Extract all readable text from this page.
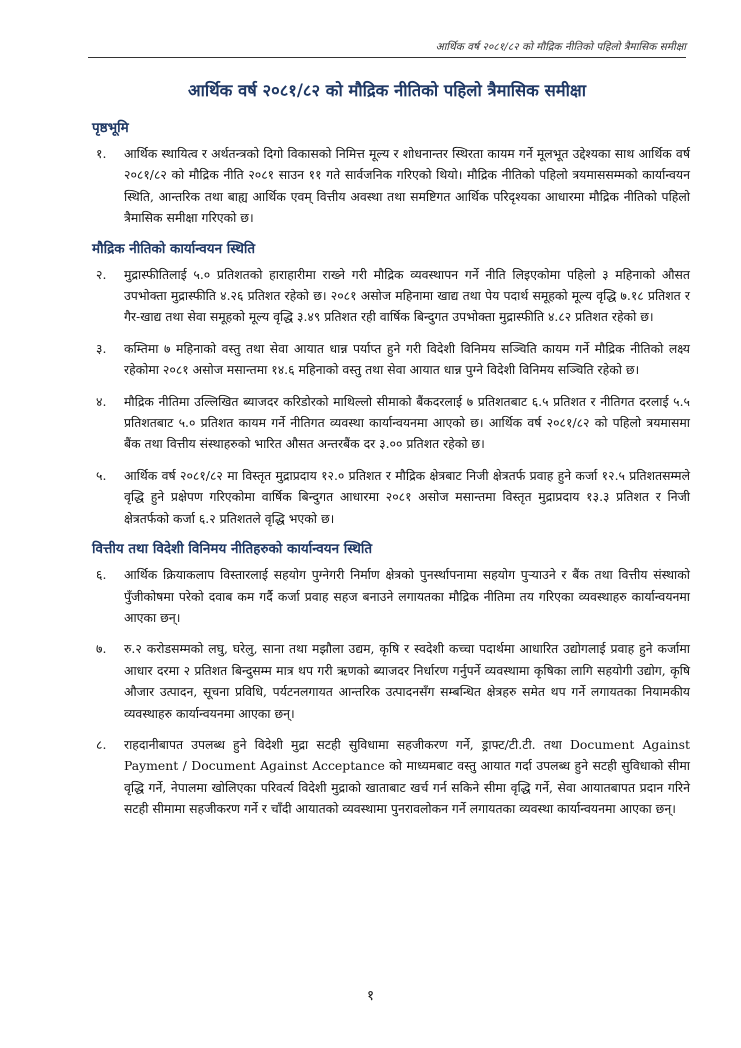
आर्थिक वर्ष २०८१/८२ को मौद्रिक नीतिको पहिलो त्रैमासिक समीक्षा
आर्थिक वर्ष २०८१/८२ को मौद्रिक नीतिको पहिलो त्रैमासिक समीक्षा
पृष्ठभूमि
१.	आर्थिक स्थायित्व र अर्थतन्त्रको दिगो विकासको निमित्त मूल्य र शोधनान्तर स्थिरता कायम गर्ने मूलभूत उद्देश्यका साथ आर्थिक वर्ष २०८१/८२ को मौद्रिक नीति २०८१ साउन ११ गते सार्वजनिक गरिएको थियो। मौद्रिक नीतिको पहिलो त्रयमाससम्मको कार्यान्वयन स्थिति, आन्तरिक तथा बाह्य आर्थिक एवम् वित्तीय अवस्था तथा समष्टिगत आर्थिक परिदृश्यका आधारमा मौद्रिक नीतिको पहिलो त्रैमासिक समीक्षा गरिएको छ।

मौद्रिक नीतिको कार्यान्वयन स्थिति
२.	मुद्रास्फीतिलाई ५.० प्रतिशतको हाराहारीमा राख्ने गरी मौद्रिक व्यवस्थापन गर्ने नीति लिइएकोमा पहिलो ३ महिनाको औसत उपभोक्ता मुद्रास्फीति ४.२६ प्रतिशत रहेको छ। २०८१ असोज महिनामा खाद्य तथा पेय पदार्थ समूहको मूल्य वृद्धि ७.१८ प्रतिशत र गैर-खाद्य तथा सेवा समूहको मूल्य वृद्धि ३.४९ प्रतिशत रही वार्षिक बिन्दुगत उपभोक्ता मुद्रास्फीति ४.८२ प्रतिशत रहेको छ।

३.	कम्तिमा ७ महिनाको वस्तु तथा सेवा आयात धान्न पर्याप्त हुने गरी विदेशी विनिमय सञ्चिति कायम गर्ने मौद्रिक नीतिको लक्ष्य रहेकोमा २०८१ असोज मसान्तमा १४.६ महिनाको वस्तु तथा सेवा आयात धान्न पुग्ने विदेशी विनिमय सञ्चिति रहेको छ।

४.	मौद्रिक नीतिमा उल्लिखित ब्याजदर करिडोरको माथिल्लो सीमाको बैंकदरलाई ७ प्रतिशतबाट ६.५ प्रतिशत र नीतिगत दरलाई ५.५ प्रतिशतबाट ५.० प्रतिशत कायम गर्ने नीतिगत व्यवस्था कार्यान्वयनमा आएको छ। आर्थिक वर्ष २०८१/८२ को पहिलो त्रयमासमा बैंक तथा वित्तीय संस्थाहरुको भारित औसत अन्तरबैंक दर ३.०० प्रतिशत रहेको छ।

५.	आर्थिक वर्ष २०८१/८२ मा विस्तृत मुद्राप्रदाय १२.० प्रतिशत र मौद्रिक क्षेत्रबाट निजी क्षेत्रतर्फ प्रवाह हुने कर्जा १२.५ प्रतिशतसम्मले वृद्धि हुने प्रक्षेपण गरिएकोमा वार्षिक बिन्दुगत आधारमा २०८१ असोज मसान्तमा विस्तृत मुद्राप्रदाय १३.३ प्रतिशत र निजी क्षेत्रतर्फको कर्जा ६.२ प्रतिशतले वृद्धि भएको छ।

वित्तीय तथा विदेशी विनिमय नीतिहरुको कार्यान्वयन स्थिति
६.	आर्थिक क्रियाकलाप विस्तारलाई सहयोग पुग्नेगरी निर्माण क्षेत्रको पुनर्स्थापनामा सहयोग पुऱ्याउने र बैंक तथा वित्तीय संस्थाको पुँजीकोषमा परेको दवाब कम गर्दै कर्जा प्रवाह सहज बनाउने लगायतका मौद्रिक नीतिमा तय गरिएका व्यवस्थाहरु कार्यान्वयनमा आएका छन्।

७.	रु.२ करोडसम्मको लघु, घरेलु, साना तथा मझौला उद्यम, कृषि र स्वदेशी कच्चा पदार्थमा आधारित उद्योगलाई प्रवाह हुने कर्जामा आधार दरमा २ प्रतिशत बिन्दुसम्म मात्र थप गरी ऋणको ब्याजदर निर्धारण गर्नुपर्ने व्यवस्थामा कृषिका लागि सहयोगी उद्योग, कृषि औजार उत्पादन, सूचना प्रविधि, पर्यटनलगायत आन्तरिक उत्पादनसँग सम्बन्धित क्षेत्रहरु समेत थप गर्ने लगायतका नियामकीय व्यवस्थाहरु कार्यान्वयनमा आएका छन्।

८.	राहदानीबापत उपलब्ध हुने विदेशी मुद्रा सटही सुविधामा सहजीकरण गर्ने, ड्राफ्ट/टी.टी. तथा Document Against Payment / Document Against Acceptance को माध्यमबाट वस्तु आयात गर्दा उपलब्ध हुने सटही सुविधाको सीमा वृद्धि गर्ने, नेपालमा खोलिएका परिवर्त्य विदेशी मुद्राको खाताबाट खर्च गर्न सकिने सीमा वृद्धि गर्ने, सेवा आयातबापत प्रदान गरिने सटही सीमामा सहजीकरण गर्ने र चाँदी आयातको व्यवस्थामा पुनरावलोकन गर्ने लगायतका व्यवस्था कार्यान्वयनमा आएका छन्।

१
